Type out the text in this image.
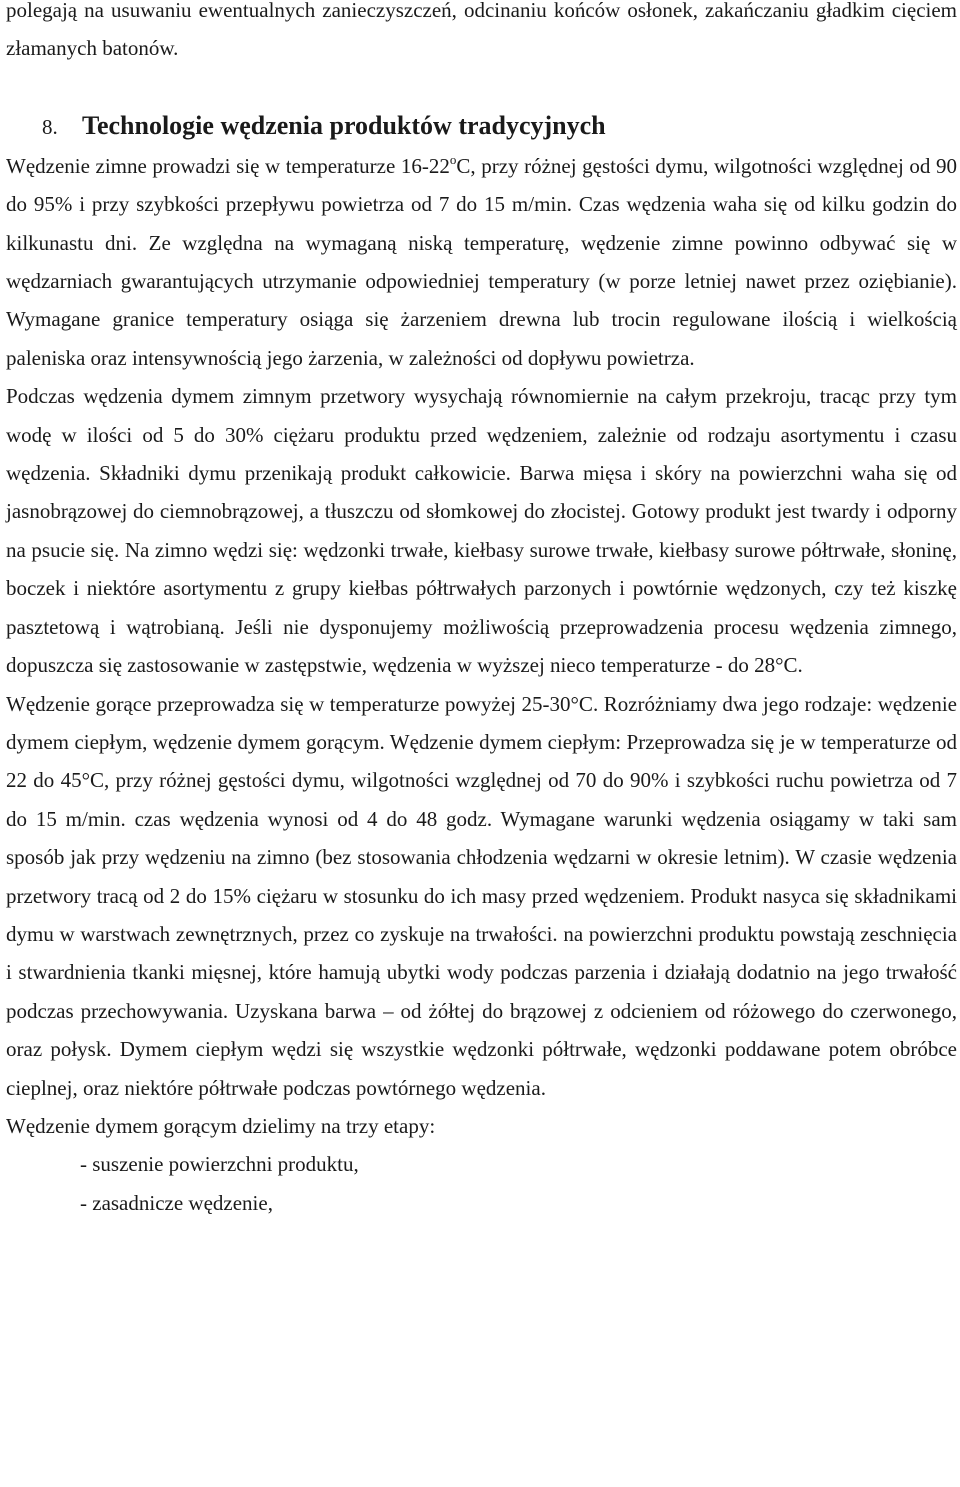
polegają na usuwaniu ewentualnych zanieczyszczeń, odcinaniu końców osłonek, zakańczaniu gładkim cięciem złamanych batonów.

8. Technologie wędzenia produktów tradycyjnych

Wędzenie zimne prowadzi się w temperaturze 16-22$^o$C, przy różnej gęstości dymu, wilgotności względnej od 90 do 95% i przy szybkości przepływu powietrza od 7 do 15 m/min. Czas wędzenia waha się od kilku godzin do kilkunastu dni. Ze względna na wymaganą niską temperaturę, wędzenie zimne powinno odbywać się w wędzarniach gwarantujących utrzymanie odpowiedniej temperatury (w porze letniej nawet przez oziębianie). Wymagane granice temperatury osiąga się żarzeniem drewna lub trocin regulowane ilością i wielkością paleniska oraz intensywnością jego żarzenia, w zależności od dopływu powietrza.

Podczas wędzenia dymem zimnym przetwory wysychają równomiernie na całym przekroju, tracąc przy tym wodę w ilości od 5 do 30% ciężaru produktu przed wędzeniem, zależnie od rodzaju asortymentu i czasu wędzenia. Składniki dymu przenikają produkt całkowicie. Barwa mięsa i skóry na powierzchni waha się od jasnobrązowej do ciemnobrązowej, a tłuszczu od słomkowej do złocistej. Gotowy produkt jest twardy i odporny na psucie się. Na zimno wędzi się: wędzonki trwałe, kiełbasy surowe trwałe, kiełbasy surowe półtrwałe, słoninę, boczek i niektóre asortymentu z grupy kiełbas półtrwałych parzonych i powtórnie wędzonych, czy też kiszkę pasztetową i wątrobianą. Jeśli nie dysponujemy możliwością przeprowadzenia procesu wędzenia zimnego, dopuszcza się zastosowanie w zastępstwie, wędzenia w wyższej nieco temperaturze - do 28°C.

Wędzenie gorące przeprowadza się w temperaturze powyżej 25-30°C. Rozróżniamy dwa jego rodzaje: wędzenie dymem ciepłym, wędzenie dymem gorącym. Wędzenie dymem ciepłym: Przeprowadza się je w temperaturze od 22 do 45°C, przy różnej gęstości dymu, wilgotności względnej od 70 do 90% i szybkości ruchu powietrza od 7 do 15 m/min. czas wędzenia wynosi od 4 do 48 godz. Wymagane warunki wędzenia osiągamy w taki sam sposób jak przy wędzeniu na zimno (bez stosowania chłodzenia wędzarni w okresie letnim). W czasie wędzenia przetwory tracą od 2 do 15% ciężaru w stosunku do ich masy przed wędzeniem. Produkt nasyca się składnikami dymu w warstwach zewnętrznych, przez co zyskuje na trwałości. na powierzchni produktu powstają zeschnięcia i stwardnienia tkanki mięsnej, które hamują ubytki wody podczas parzenia i działają dodatnio na jego trwałość podczas przechowywania. Uzyskana barwa – od żółtej do brązowej z odcieniem od różowego do czerwonego, oraz połysk. Dymem ciepłym wędzi się wszystkie wędzonki półtrwałe, wędzonki poddawane potem obróbce cieplnej, oraz niektóre półtrwałe podczas powtórnego wędzenia.

Wędzenie dymem gorącym dzielimy na trzy etapy:

- suszenie powierzchni produktu,
- zasadnicze wędzenie,
